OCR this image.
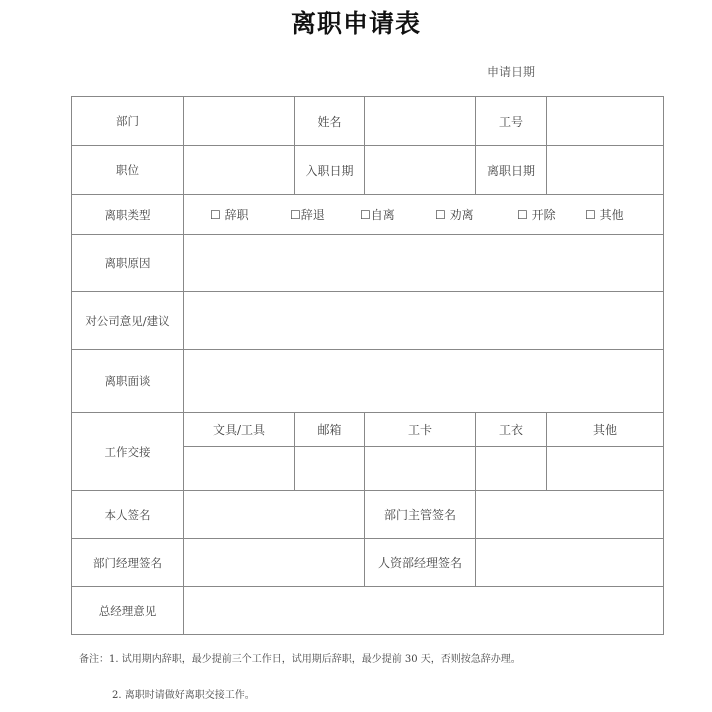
离职申请表
申请日期
部门		姓名		工号	
职位		入职日期		离职日期	
离职类型	☐ 辞职	☐辞退	☐自离	☐ 劝离	☐ 开除	☐ 其他

离职原因					
对公司意见/建议					
离职面谈					
工作交接	文具/工具	邮箱	工卡	工衣	其他

本人签名			部门主管签名		
部门经理签名			人资部经理签名		
总经理意见					
备注：1. 试用期内辞职，最少提前三个工作日，试用期后辞职，最少提前 30 天，否则按急辞办理。
2. 离职时请做好离职交接工作。
